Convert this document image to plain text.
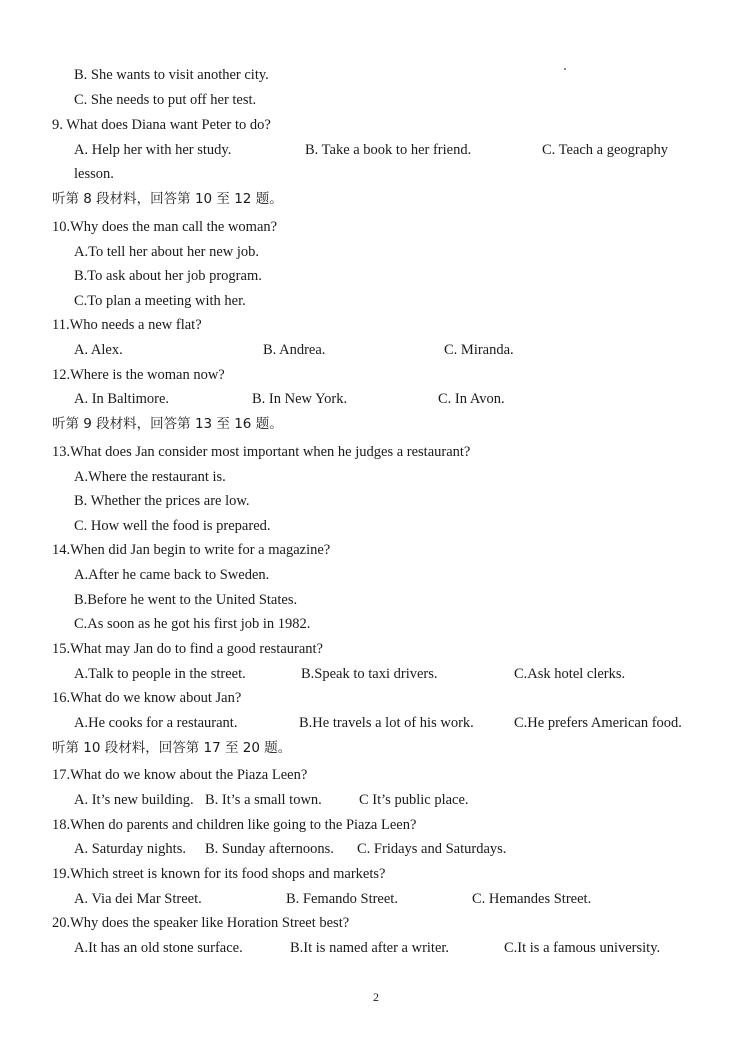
B. She wants to visit another city.
C. She needs to put off her test.
9. What does Diana want Peter to do?
A. Help her with her study.	B. Take a book to her friend.	C. Teach a geography
lesson.
听第 8 段材料，回答第 10 至 12 题。
10.Why does the man call the woman?
A.To tell her about her new job.
B.To ask about her job program.
C.To plan a meeting with her.
11.Who needs a new flat?
A. Alex.	B. Andrea.	C. Miranda.
12.Where is the woman now?
A. In Baltimore.	B. In New York.	C. In Avon.
听第 9 段材料，回答第 13 至 16 题。
13.What does Jan consider most important when he judges a restaurant?
A.Where the restaurant is.
B. Whether the prices are low.
C. How well the food is prepared.
14.When did Jan begin to write for a magazine?
A.After he came back to Sweden.
B.Before he went to the United States.
C.As soon as he got his first job in 1982.
15.What may Jan do to find a good restaurant?
A.Talk to people in the street.	B.Speak to taxi drivers.	C.Ask hotel clerks.
16.What do we know about Jan?
A.He cooks for a restaurant.	B.He travels a lot of his work.	C.He prefers American food.
听第 10 段材料，回答第 17 至 20 题。
17.What do we know about the Piaza Leen?
A. It’s new building. B. It’s a small town.	C It’s public place.
18.When do parents and children like going to the Piaza Leen?
A. Saturday nights. B. Sunday afternoons. C. Fridays and Saturdays.
19.Which street is known for its food shops and markets?
A. Via dei Mar Street.	B. Femando Street.	C. Hemandes Street.
20.Why does the speaker like Horation Street best?
A.It has an old stone surface.	B.It is named after a writer.	C.It is a famous university.
2
